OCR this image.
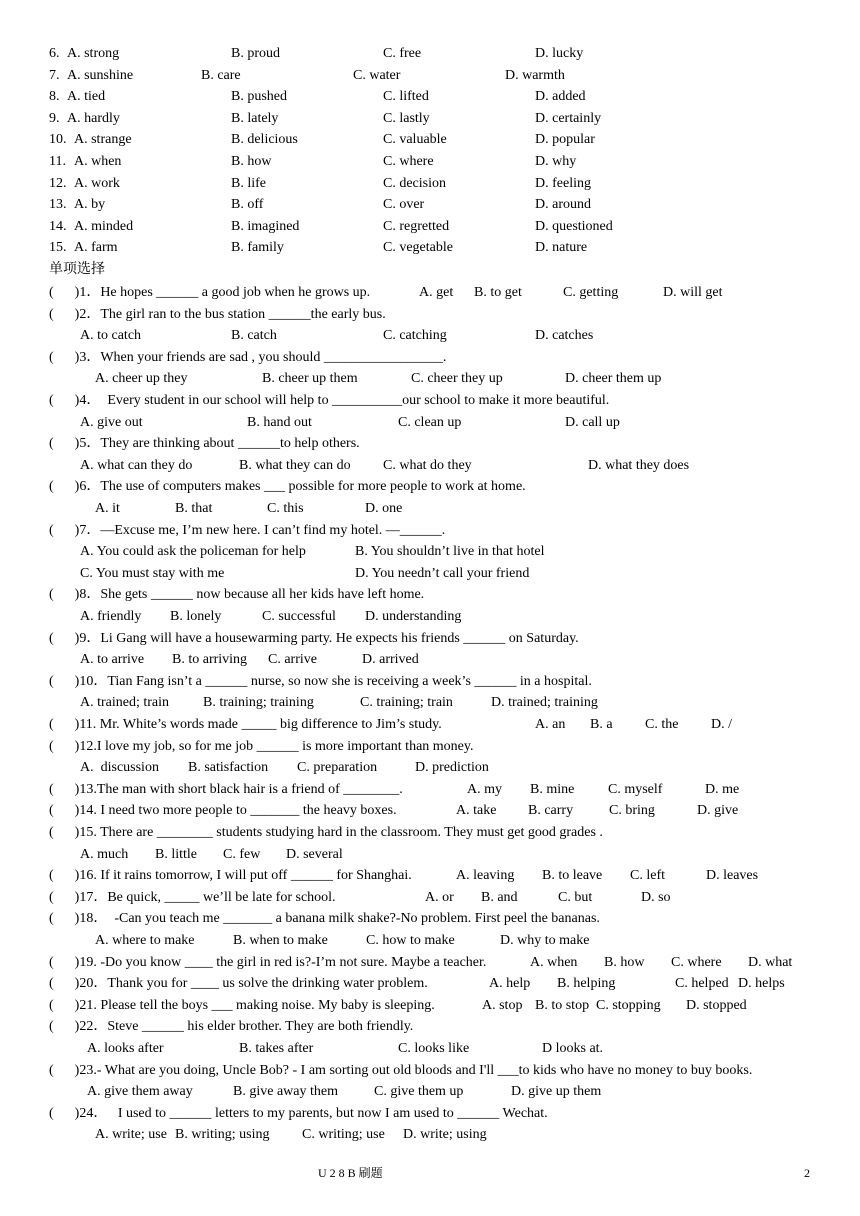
6. A. strong	B. proud	C. free	D. lucky
7. A. sunshine	B. care	C. water	D. warmth
8. A. tied	B. pushed	C. lifted	D. added
9. A. hardly	B. lately	C. lastly	D. certainly
10. A. strange	B. delicious	C. valuable	D. popular
11. A. when	B. how	C. where	D. why
12. A. work	B. life	C. decision	D. feeling
13. A. by	B. off	C. over	D. around
14. A. minded	B. imagined	C. regretted	D. questioned
15. A. farm	B. family	C. vegetable	D. nature
单项选择
(      )1．He hopes ______ a good job when he grows up.	A. get B. to get	C. getting	D. will get
(      )2．The girl ran to the bus station ______the early bus.
A. to catch	B. catch	C. catching	D. catches
(      )3．When your friends are sad , you should _________________.
A. cheer up they	B. cheer up them	C. cheer they up	D. cheer them up
(      )4．  Every student in our school will help to __________our school to make it more beautiful.
A. give out	B. hand out	C. clean up	D. call up
(      )5．They are thinking about ______to help others.
A. what can they do	B. what they can do C. what do they	D. what they does
(      )6．The use of computers makes ___ possible for more people to work at home.
A. it	B. that	C. this	D. one
(      )7．—Excuse me, I’m new here. I can’t find my hotel. —______.
A. You could ask the policeman for help	B. You shouldn’t live in that hotel
C. You must stay with me	D. You needn’t call your friend
(      )8．She gets ______ now because all her kids have left home.
A. friendly B. lonely	C. successful D. understanding
(      )9．Li Gang will have a housewarming party. He expects his friends ______ on Saturday.
A. to arrive B. to arriving C. arrive	D. arrived
(      )10．Tian Fang isn’t a ______ nurse, so now she is receiving a week’s ______ in a hospital.
A. trained; train B. training; training	C. training; train	D. trained; training
(      )11. Mr. White’s words made _____ big difference to Jim’s study.	A. an B. a C. the D. /
(      )12.I love my job, so for me job ______ is more important than money.
A.  discussion B. satisfaction C. preparation	D. prediction
(      )13.The man with short black hair is a friend of ________.	A. my B. mine C. myself	D. me
(      )14. I need two more people to _______ the heavy boxes.	A. take B. carry	C. bring	D. give
(      )15. There are ________ students studying hard in the classroom. They must get good grades .
A. much B. little C. few D. several
(      )16. If it rains tomorrow, I will put off ______ for Shanghai.	A. leaving B. to leave C. left	D. leaves
(      )17．Be quick, _____ we’ll be late for school.	A. or B. and	C. but	D. so
(      )18．  -Can you teach me _______ a banana milk shake?-No problem. First peel the bananas.
A. where to make	B. when to make	C. how to make	D. why to make
(      )19. -Do you know ____ the girl in red is?-I’m not sure. Maybe a teacher.	A. when B. how C. where D. what
(      )20．Thank you for ____ us solve the drinking water problem.	A. help B. helping	C. helped D. helps
(      )21. Please tell the boys ___ making noise. My baby is sleeping.	A. stop B. to stop C. stopping D. stopped
(      )22．Steve ______ his elder brother. They are both friendly.
A. looks after	B. takes after	C. looks like	D looks at.
(      )23.- What are you doing, Uncle Bob? - I am sorting out old bloods and I'll ___to kids who have no money to buy books.
A. give them away	B. give away them	C. give them up	D. give up them
(      )24．   I used to ______ letters to my parents, but now I am used to ______ Wechat.
A. write; use B. writing; using C. writing; use D. write; using
U 2 8 B 刷题	2
